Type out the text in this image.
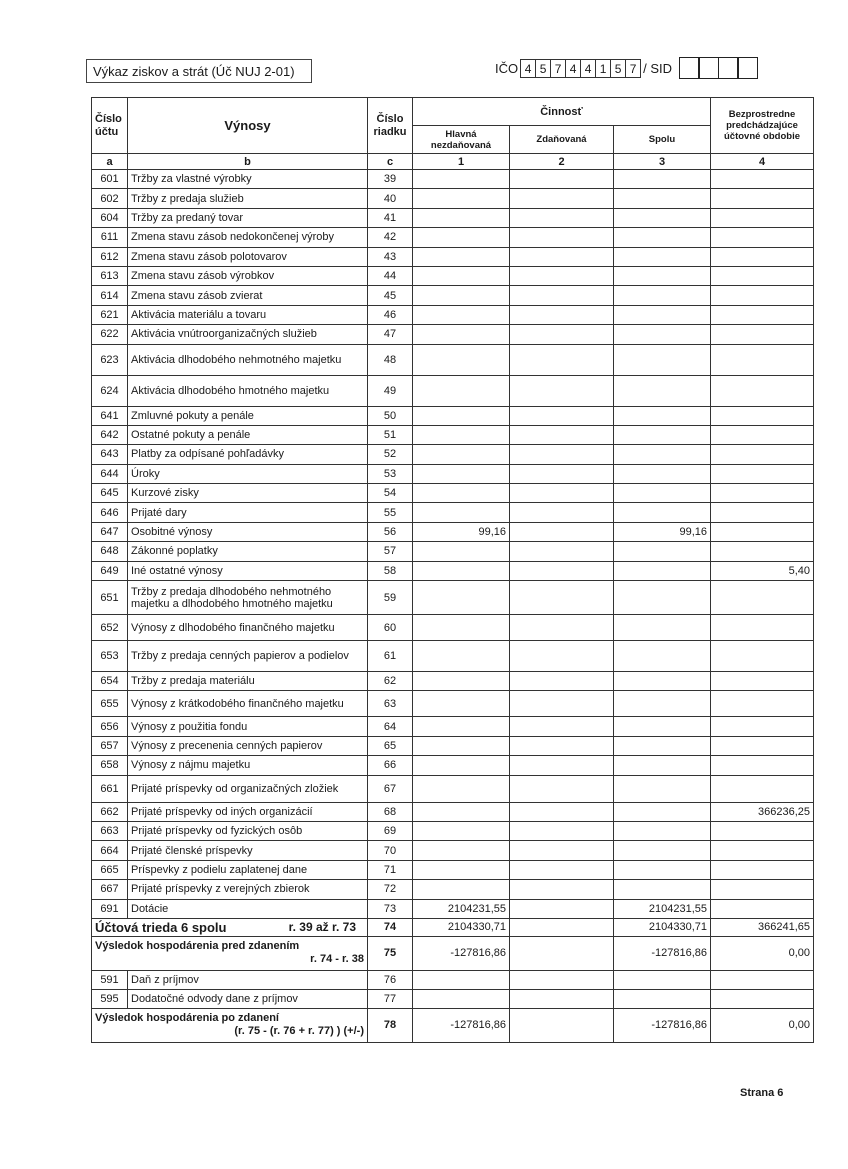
Výkaz ziskov a strát (Úč NUJ 2-01)	IČO 4 5 7 4 4 1 5 7 / SID
Číslo účtu	Výnosy	Číslo riadku	Činnosť			Bezprostredne predchádzajúce účtovné obdobie
			Hlavná nezdaňovaná	Zdaňovaná	Spolu	
a	b	c	1	2	3	4
601	Tržby za vlastné výrobky	39				
602	Tržby z predaja služieb	40				
604	Tržby za predaný tovar	41				
611	Zmena stavu zásob nedokončenej výroby	42				
612	Zmena stavu zásob polotovarov	43				
613	Zmena stavu zásob výrobkov	44				
614	Zmena stavu zásob zvierat	45				
621	Aktivácia materiálu a tovaru	46				
622	Aktivácia vnútroorganizačných služieb	47				
623	Aktivácia dlhodobého nehmotného majetku	48				
624	Aktivácia dlhodobého hmotného majetku	49				
641	Zmluvné pokuty a penále	50				
642	Ostatné pokuty a penále	51				
643	Platby za odpísané pohľadávky	52				
644	Úroky	53				
645	Kurzové zisky	54				
646	Prijaté dary	55				
647	Osobitné výnosy	56	99,16		99,16	
648	Zákonné poplatky	57				
649	Iné ostatné výnosy	58				5,40
651	Tržby z predaja dlhodobého nehmotného majetku a dlhodobého hmotného majetku	59				
652	Výnosy z dlhodobého finančného majetku	60				
653	Tržby z predaja cenných papierov a podielov	61				
654	Tržby z predaja materiálu	62				
655	Výnosy z krátkodobého finančného majetku	63				
656	Výnosy z použitia fondu	64				
657	Výnosy z precenenia cenných papierov	65				
658	Výnosy z nájmu majetku	66				
661	Prijaté príspevky od organizačných zložiek	67				
662	Prijaté príspevky od iných organizácií	68				366236,25
663	Prijaté príspevky od fyzických osôb	69				
664	Prijaté členské príspevky	70				
665	Príspevky z podielu zaplatenej dane	71				
667	Prijaté príspevky z verejných zbierok	72				
691	Dotácie	73	2104231,55		2104231,55	
Účtová trieda 6 spolu r. 39 až r. 73		74	2104330,71		2104330,71	366241,65
Výsledok hospodárenia pred zdanením
r. 74 - r. 38		75	-127816,86		-127816,86	0,00
591	Daň z príjmov	76				
595	Dodatočné odvody dane z príjmov	77				
Výsledok hospodárenia po zdanení
(r. 75 - (r. 76 + r. 77) ) (+/-)		78	-127816,86		-127816,86	0,00
Strana 6
